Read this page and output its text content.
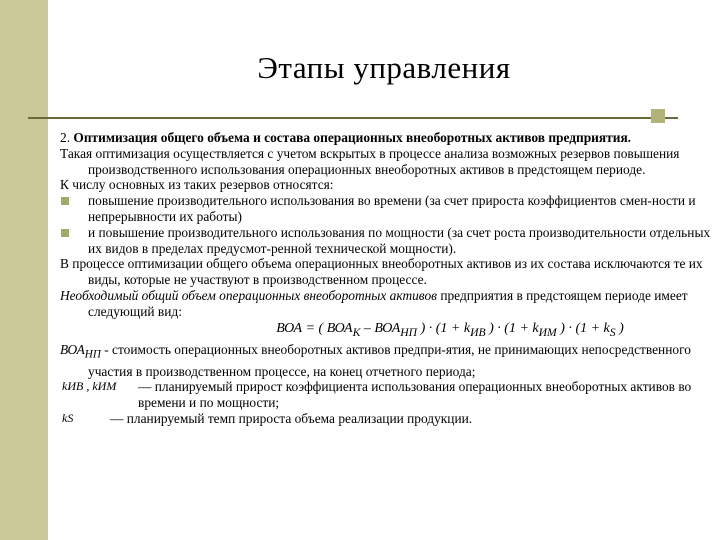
Этапы управления

2. Оптимизация общего объема и состава операционных внеоборотных активов предприятия.

Такая оптимизация осуществляется с учетом вскрытых в процессе анализа возможных резервов повышения производственного использования операционных внеоборотных активов в предстоящем периоде.

К числу основных из таких резервов относятся:

повышение производительного использования во времени (за счет прироста коэффициентов смен-ности и непрерывности их работы)
и повышение производительного использования по мощности (за счет роста производительности отдельных их видов в пределах предусмот-ренной технической мощности).

В процессе оптимизации общего объема операционных внеоборотных активов из их состава исключаются те их виды, которые не участвуют в производственном процессе.

Необходимый общий объем операционных внеоборотных активов предприятия в предстоящем периоде имеет следующий вид:

ВОА = ( $ВОА_К - ВОА_{НП}$ ) · ($1 + k_{ИВ}$ ) · ($1 + k_{ИМ}$ ) · ($1 + k_S$ )

$ВОА_{НП}$ - стоимость операционных внеоборотных активов предпри-ятия, не принимающих непосредственного участия в производственном процессе, на конец отчетного периода;

kИВ , kИМ	— планируемый прирост коэффициента использования операционных внеоборотных активов во времени и по мощности;
kS	— планируемый темп прироста объема реализации продукции.
